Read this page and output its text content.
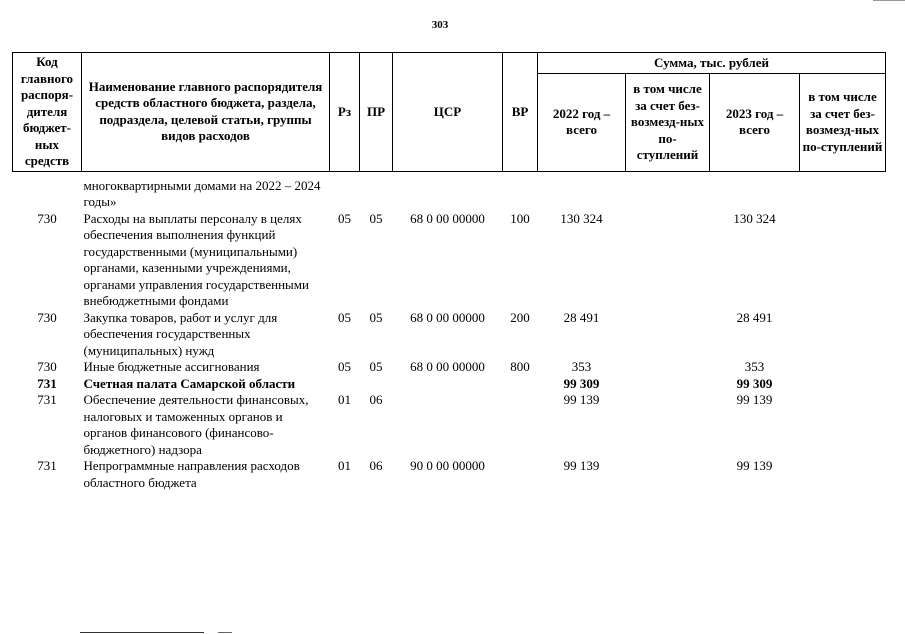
303
Код главного распоря-дителя бюджет-ных средств	Наименование главного распорядителя средств областного бюджета, раздела, подраздела, целевой статьи, группы видов расходов	Рз	ПР	ЦСР	ВР	Сумма, тыс. рублей			
						2022 год – всего	в том числе за счет без-возмезд-ных по-ступлений	2023 год – всего	в том числе за счет без-возмезд-ных по-ступлений

	многоквартирными домами на 2022 – 2024 годы»								
730	Расходы на выплаты персоналу в целях обеспечения выполнения функций государственными (муниципальными) органами, казенными учреждениями, органами управления государственными внебюджетными фондами	05	05	68 0 00 00000	100	130 324		130 324	
730	Закупка товаров, работ и услуг для обеспечения государственных (муниципальных) нужд	05	05	68 0 00 00000	200	28 491		28 491	
730	Иные бюджетные ассигнования	05	05	68 0 00 00000	800	353		353	
731	Счетная палата Самарской области					99 309		99 309	
731	Обеспечение деятельности финансовых, налоговых и таможенных органов и органов финансового (финансово-бюджетного) надзора	01	06			99 139		99 139	
731	Непрограммные направления расходов областного бюджета	01	06	90 0 00 00000		99 139		99 139	
